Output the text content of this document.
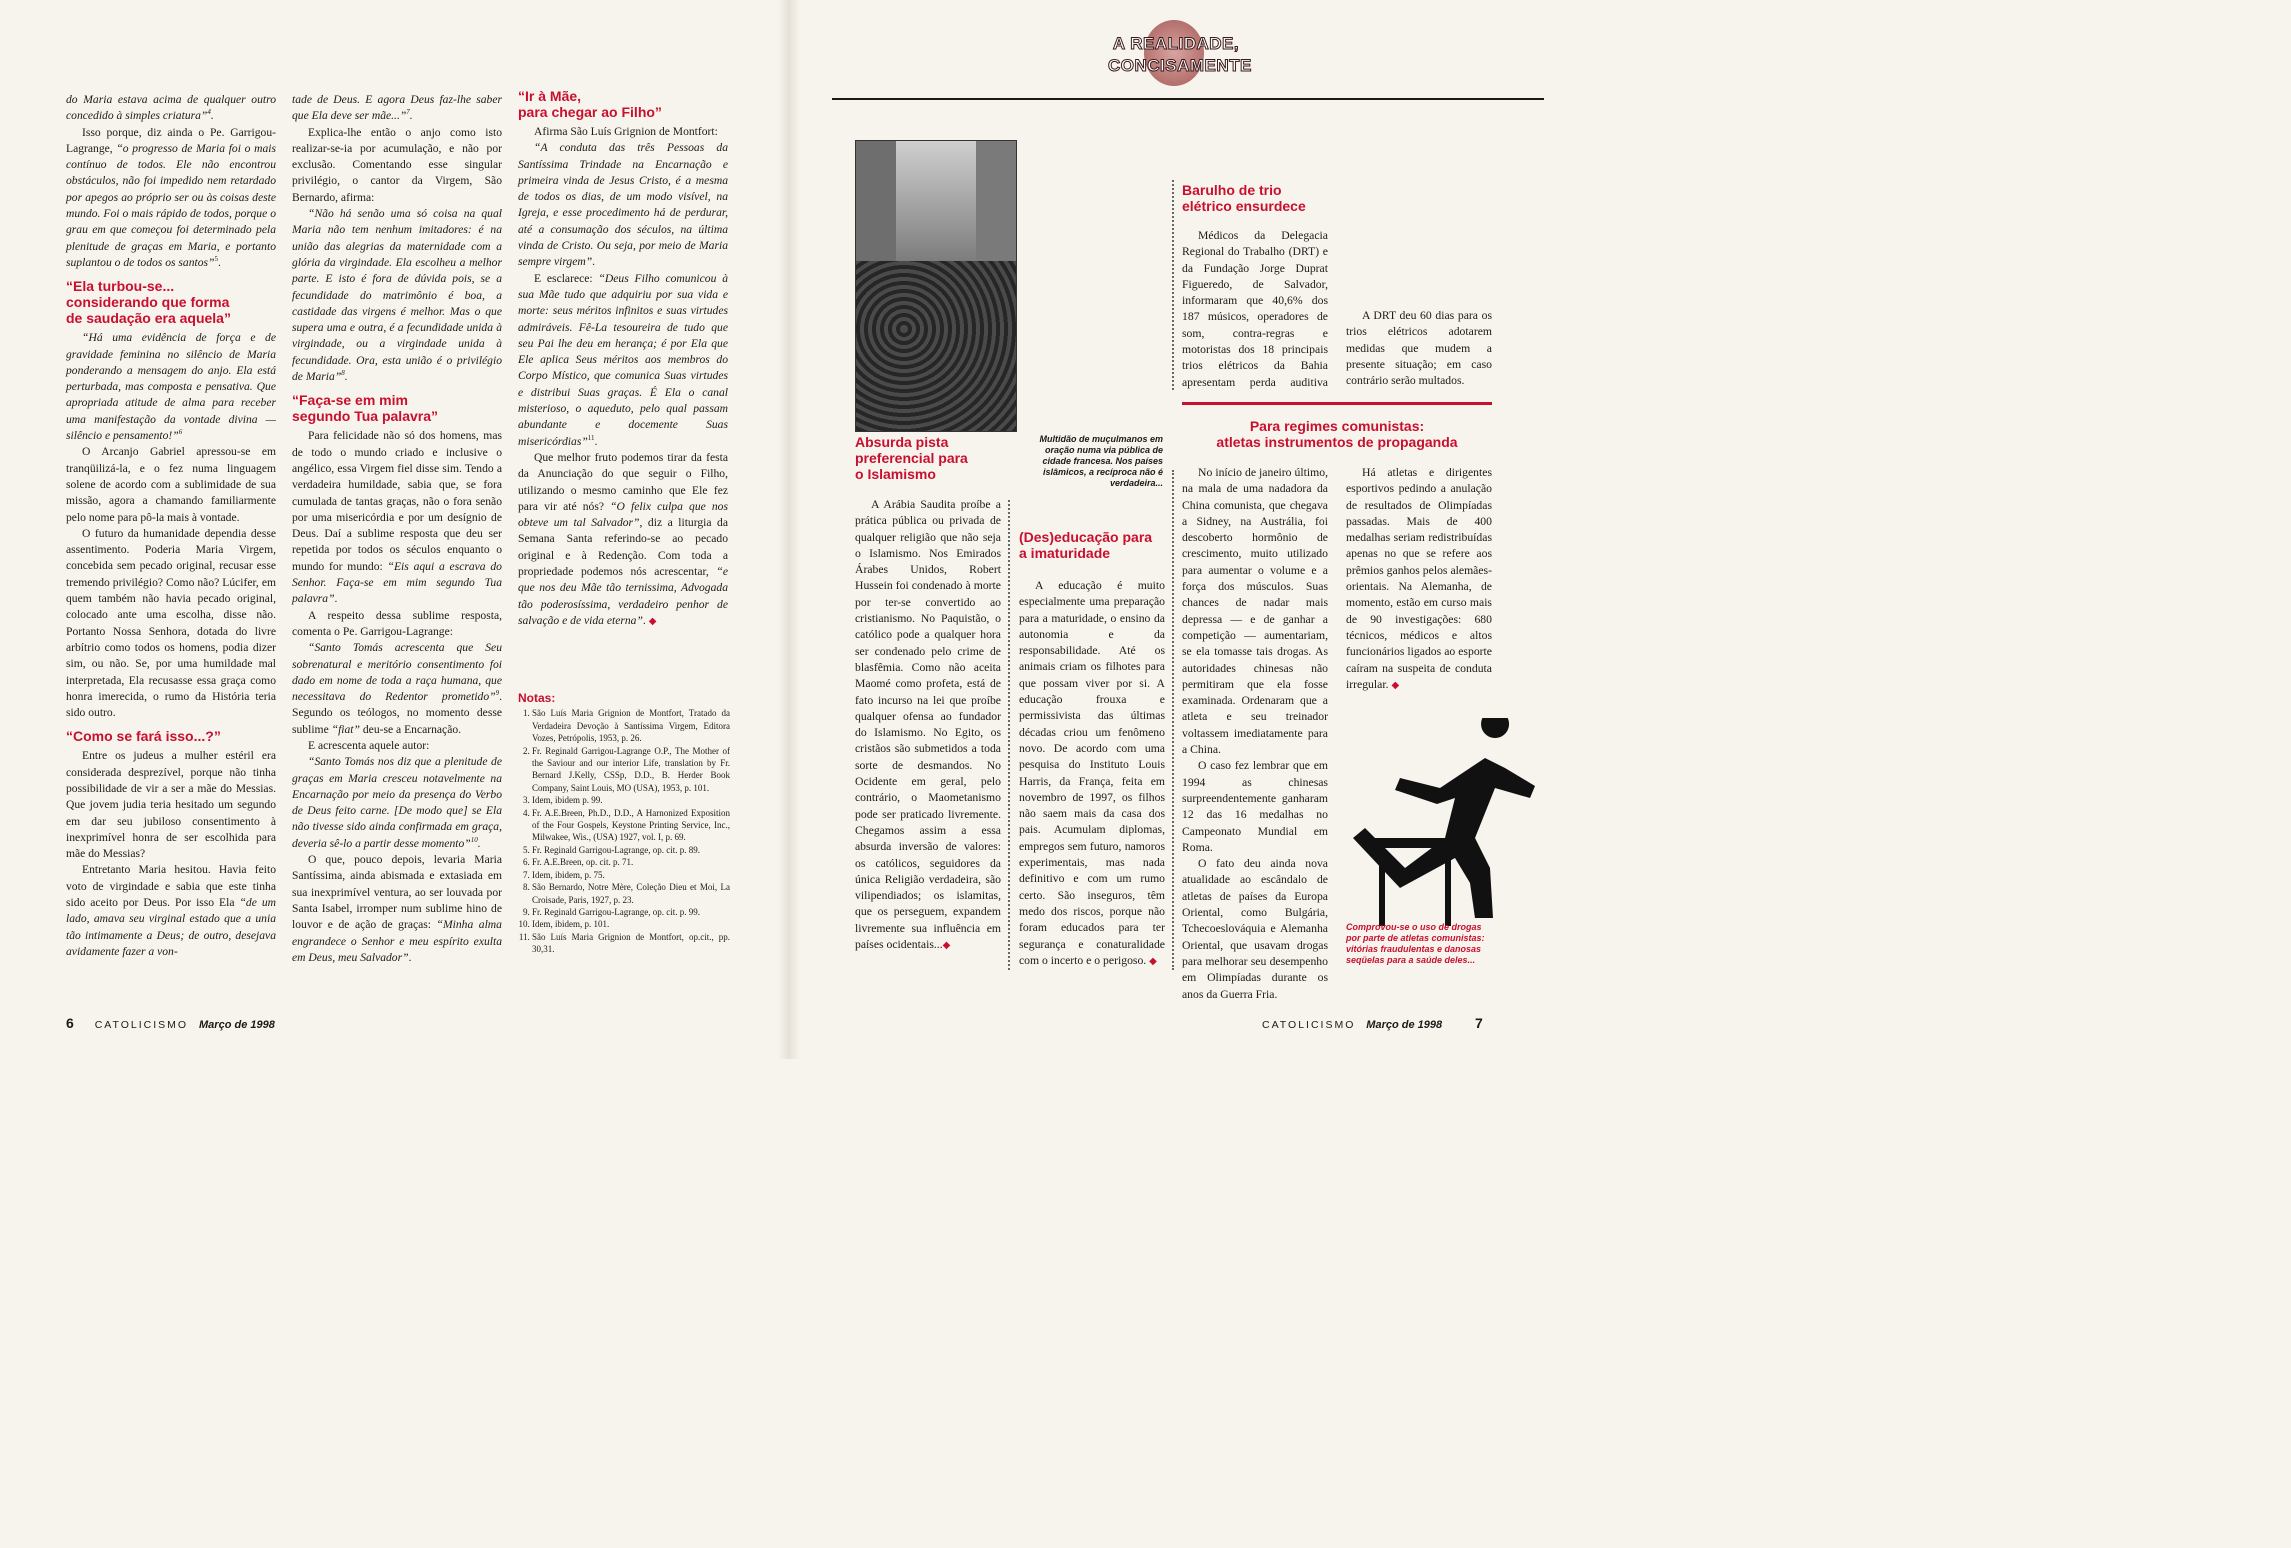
do Maria estava acima de qualquer outro concedido à simples criatura”$^4$.

Isso porque, diz ainda o Pe. Garrigou-Lagrange, “o progresso de Maria foi o mais contínuo de todos. Ele não encontrou obstáculos, não foi impedido nem retardado por apegos ao próprio ser ou às coisas deste mundo. Foi o mais rápido de todos, porque o grau em que começou foi determinado pela plenitude de graças em Maria, e portanto suplantou o de todos os santos”$^5$.

“Ela turbou-se...
considerando que forma
de saudação era aquela”

“Há uma evidência de força e de gravidade feminina no silêncio de Maria ponderando a mensagem do anjo. Ela está perturbada, mas composta e pensativa. Que apropriada atitude de alma para receber uma manifestação da vontade divina — silêncio e pensamento!”$^6$

O Arcanjo Gabriel apressou-se em tranqüilizá-la, e o fez numa linguagem solene de acordo com a sublimidade de sua missão, agora a chamando familiarmente pelo nome para pô-la mais à vontade.

O futuro da humanidade dependia desse assentimento. Poderia Maria Virgem, concebida sem pecado original, recusar esse tremendo privilégio? Como não? Lúcifer, em quem também não havia pecado original, colocado ante uma escolha, disse não. Portanto Nossa Senhora, dotada do livre arbítrio como todos os homens, podia dizer sim, ou não. Se, por uma humildade mal interpretada, Ela recusasse essa graça como honra imerecida, o rumo da História teria sido outro.

“Como se fará isso...?”

Entre os judeus a mulher estéril era considerada desprezível, porque não tinha possibilidade de vir a ser a mãe do Messias. Que jovem judia teria hesitado um segundo em dar seu jubiloso consentimento à inexprimível honra de ser escolhida para mãe do Messias?

Entretanto Maria hesitou. Havia feito voto de virgindade e sabia que este tinha sido aceito por Deus. Por isso Ela “de um lado, amava seu virginal estado que a unia tão intimamente a Deus; de outro, desejava avidamente fazer a von-

tade de Deus. E agora Deus faz-lhe saber que Ela deve ser mãe...”$^7$.

Explica-lhe então o anjo como isto realizar-se-ia por acumulação, e não por exclusão. Comentando esse singular privilégio, o cantor da Virgem, São Bernardo, afirma:

“Não há senão uma só coisa na qual Maria não tem nenhum imitadores: é na união das alegrias da maternidade com a glória da virgindade. Ela escolheu a melhor parte. E isto é fora de dúvida pois, se a fecundidade do matrimônio é boa, a castidade das virgens é melhor. Mas o que supera uma e outra, é a fecundidade unida à virgindade, ou a virgindade unida à fecundidade. Ora, esta união é o privilégio de Maria”$^8$.

“Faça-se em mim
segundo Tua palavra”

Para felicidade não só dos homens, mas de todo o mundo criado e inclusive o angélico, essa Virgem fiel disse sim. Tendo a verdadeira humildade, sabia que, se fora cumulada de tantas graças, não o fora senão por uma misericórdia e por um desígnio de Deus. Daí a sublime resposta que deu ser repetida por todos os séculos enquanto o mundo for mundo: “Eis aqui a escrava do Senhor. Faça-se em mim segundo Tua palavra”.

A respeito dessa sublime resposta, comenta o Pe. Garrigou-Lagrange:

“Santo Tomás acrescenta que Seu sobrenatural e meritório consentimento foi dado em nome de toda a raça humana, que necessitava do Redentor prometido”$^9$. Segundo os teólogos, no momento desse sublime “fiat” deu-se a Encarnação.

E acrescenta aquele autor:

“Santo Tomás nos diz que a plenitude de graças em Maria cresceu notavelmente na Encarnação por meio da presença do Verbo de Deus feito carne. [De modo que] se Ela não tivesse sido ainda confirmada em graça, deveria sê-lo a partir desse momento”$^{10}$.

O que, pouco depois, levaria Maria Santíssima, ainda abismada e extasiada em sua inexprimível ventura, ao ser louvada por Santa Isabel, irromper num sublime hino de louvor e de ação de graças: “Minha alma engrandece o Senhor e meu espírito exulta em Deus, meu Salvador”.

“Ir à Mãe,
para chegar ao Filho”

Afirma São Luís Grignion de Montfort:

“A conduta das três Pessoas da Santíssima Trindade na Encarnação e primeira vinda de Jesus Cristo, é a mesma de todos os dias, de um modo visível, na Igreja, e esse procedimento há de perdurar, até a consumação dos séculos, na última vinda de Cristo. Ou seja, por meio de Maria sempre virgem”.

E esclarece: “Deus Filho comunicou à sua Mãe tudo que adquiriu por sua vida e morte: seus méritos infinitos e suas virtudes admiráveis. Fê-La tesoureira de tudo que seu Pai lhe deu em herança; é por Ela que Ele aplica Seus méritos aos membros do Corpo Místico, que comunica Suas virtudes e distribui Suas graças. É Ela o canal misterioso, o aqueduto, pelo qual passam abundante e docemente Suas misericórdias”$^{11}$.

Que melhor fruto podemos tirar da festa da Anunciação do que seguir o Filho, utilizando o mesmo caminho que Ele fez para vir até nós? “O felix culpa que nos obteve um tal Salvador”, diz a liturgia da Semana Santa referindo-se ao pecado original e à Redenção. Com toda a propriedade podemos nós acrescentar, “e que nos deu Mãe tão ternissima, Advogada tão poderosíssima, verdadeiro penhor de salvação e de vida eterna”. ◆

Notas:
1. São Luís Maria Grignion de Montfort, Tratado da Verdadeira Devoção à Santíssima Virgem, Editora Vozes, Petrópolis, 1953, p. 26.
2. Fr. Reginald Garrigou-Lagrange O.P., The Mother of the Saviour and our interior Life, translation by Fr. Bernard J.Kelly, CSSp, D.D., B. Herder Book Company, Saint Louis, MO (USA), 1953, p. 101.
3. Idem, ibidem p. 99.
4. Fr. A.E.Breen, Ph.D., D.D., A Harnonized Exposition of the Four Gospels, Keystone Printing Service, Inc., Milwakee, Wis., (USA) 1927, vol. I, p. 69.
5. Fr. Reginald Garrigou-Lagrange, op. cit. p. 89.
6. Fr. A.E.Breen, op. cit. p. 71.
7. Idem, ibidem, p. 75.
8. São Bernardo, Notre Mère, Coleção Dieu et Moi, La Croisade, Paris, 1927, p. 23.
9. Fr. Reginald Garrigou-Lagrange, op. cit. p. 99.
10. Idem, ibidem, p. 101.
11. São Luís Maria Grignion de Montfort, op.cit., pp. 30,31.
6 CATOLICISMO Março de 1998
A REALIDADE,
CONCISAMENTE
Absurda pista
preferencial para
o Islamismo
Multidão de muçulmanos em oração numa via pública de cidade francesa. Nos países islâmicos, a recíproca não é verdadeira...

A Arábia Saudita proíbe a prática pública ou privada de qualquer religião que não seja o Islamismo. Nos Emirados Árabes Unidos, Robert Hussein foi condenado à morte por ter-se convertido ao cristianismo. No Paquistão, o católico pode a qualquer hora ser condenado pelo crime de blasfêmia. Como não aceita Maomé como profeta, está de fato incurso na lei que proíbe qualquer ofensa ao fundador do Islamismo. No Egito, os cristãos são submetidos a toda sorte de desmandos. No Ocidente em geral, pelo contrário, o Maometanismo pode ser praticado livremente. Chegamos assim a essa absurda inversão de valores: os católicos, seguidores da única Religião verdadeira, são vilipendiados; os islamitas, que os perseguem, expandem livremente sua influência em países ocidentais...◆

(Des)educação para
a imaturidade

A educação é muito especialmente uma preparação para a maturidade, o ensino da autonomia e da responsabilidade. Até os animais criam os filhotes para que possam viver por si. A educação frouxa e permissivista das últimas décadas criou um fenômeno novo. De acordo com uma pesquisa do Instituto Louis Harris, da França, feita em novembro de 1997, os filhos não saem mais da casa dos pais. Acumulam diplomas, empregos sem futuro, namoros experimentais, mas nada definitivo e com um rumo certo. São inseguros, têm medo dos riscos, porque não foram educados para ter segurança e conaturalidade com o incerto e o perigoso. ◆

Barulho de trio
elétrico ensurdece

Médicos da Delegacia Regional do Trabalho (DRT) e da Fundação Jorge Duprat Figueredo, de Salvador, informaram que 40,6% dos 187 músicos, operadores de som, contra-regras e motoristas dos 18 principais trios elétricos da Bahia apresentam perda auditiva

A DRT deu 60 dias para os trios elétricos adotarem medidas que mudem a presente situação; em caso contrário serão multados.

Para regimes comunistas:
atletas instrumentos de propaganda

No início de janeiro último, na mala de uma nadadora da China comunista, que chegava a Sidney, na Austrália, foi descoberto hormônio de crescimento, muito utilizado para aumentar o volume e a força dos músculos. Suas chances de nadar mais depressa — e de ganhar a competição — aumentariam, se ela tomasse tais drogas. As autoridades chinesas não permitiram que ela fosse examinada. Ordenaram que a atleta e seu treinador voltassem imediatamente para a China.

O caso fez lembrar que em 1994 as chinesas surpreendentemente ganharam 12 das 16 medalhas no Campeonato Mundial em Roma.

O fato deu ainda nova atualidade ao escândalo de atletas de países da Europa Oriental, como Bulgária, Tchecoeslováquia e Alemanha Oriental, que usavam drogas para melhorar seu desempenho em Olimpíadas durante os anos da Guerra Fria.

Há atletas e dirigentes esportivos pedindo a anulação de resultados de Olimpíadas passadas. Mais de 400 medalhas seriam redistribuídas apenas no que se refere aos prêmios ganhos pelos alemães-orientais. Na Alemanha, de momento, estão em curso mais de 90 investigações: 680 técnicos, médicos e altos funcionários ligados ao esporte caíram na suspeita de conduta irregular. ◆

Comprovou-se o uso de drogas por parte de atletas comunistas: vitórias fraudulentas e danosas seqüelas para a saúde deles...
CATOLICISMO Março de 1998 7
